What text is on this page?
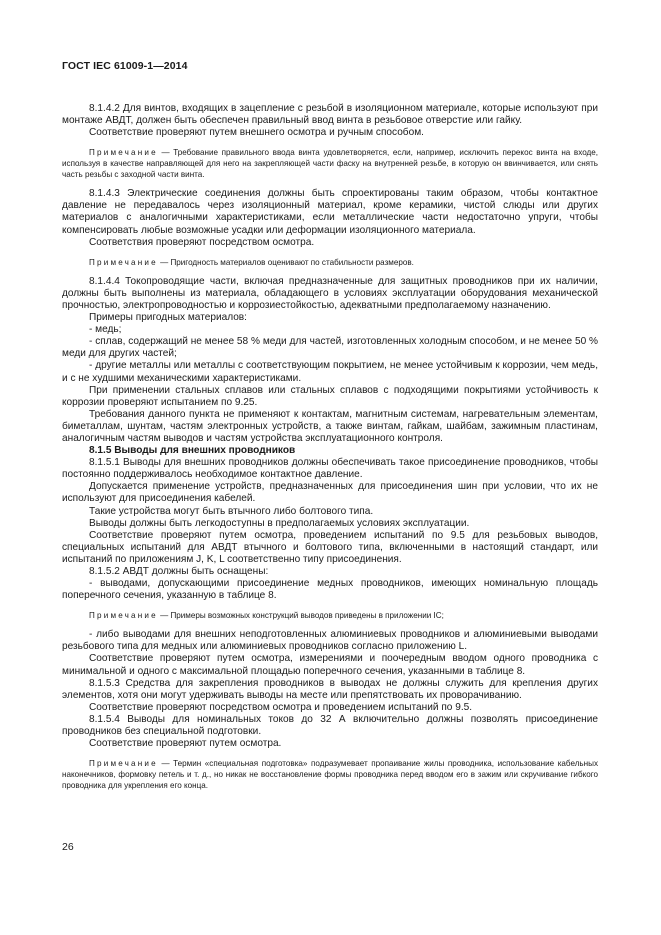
ГОСТ IEC 61009-1—2014

8.1.4.2 Для винтов, входящих в зацепление с резьбой в изоляционном материале, которые используют при монтаже АВДТ, должен быть обеспечен правильный ввод винта в резьбовое отверстие или гайку.

Соответствие проверяют путем внешнего осмотра и ручным способом.

Примечание — Требование правильного ввода винта удовлетворяется, если, например, исключить перекос винта на входе, используя в качестве направляющей для него на закрепляющей части фаску на внутренней резьбе, в которую он ввинчивается, или снять часть резьбы с заходной части винта.

8.1.4.3 Электрические соединения должны быть спроектированы таким образом, чтобы контактное давление не передавалось через изоляционный материал, кроме керамики, чистой слюды или других материалов с аналогичными характеристиками, если металлические части недостаточно упруги, чтобы компенсировать любые возможные усадки или деформации изоляционного материала.

Соответствия проверяют посредством осмотра.

Примечание — Пригодность материалов оценивают по стабильности размеров.

8.1.4.4 Токопроводящие части, включая предназначенные для защитных проводников при их наличии, должны быть выполнены из материала, обладающего в условиях эксплуатации оборудования механической прочностью, электропроводностью и коррозиестойкостью, адекватными предполагаемому назначению.

Примеры пригодных материалов:

- медь;

- сплав, содержащий не менее 58 % меди для частей, изготовленных холодным способом, и не менее 50 % меди для других частей;

- другие металлы или металлы с соответствующим покрытием, не менее устойчивым к коррозии, чем медь, и с не худшими механическими характеристиками.

При применении стальных сплавов или стальных сплавов с подходящими покрытиями устойчивость к коррозии проверяют испытанием по 9.25.

Требования данного пункта не применяют к контактам, магнитным системам, нагревательным элементам, биметаллам, шунтам, частям электронных устройств, а также винтам, гайкам, шайбам, зажимным пластинам, аналогичным частям выводов и частям устройства эксплуатационного контроля.

8.1.5 Выводы для внешних проводников

8.1.5.1 Выводы для внешних проводников должны обеспечивать такое присоединение проводников, чтобы постоянно поддерживалось необходимое контактное давление.

Допускается применение устройств, предназначенных для присоединения шин при условии, что их не используют для присоединения кабелей.

Такие устройства могут быть втычного либо болтового типа.

Выводы должны быть легкодоступны в предполагаемых условиях эксплуатации.

Соответствие проверяют путем осмотра, проведением испытаний по 9.5 для резьбовых выводов, специальных испытаний для АВДТ втычного и болтового типа, включенными в настоящий стандарт, или испытаний по приложениям J, K, L соответственно типу присоединения.

8.1.5.2 АВДТ должны быть оснащены:

- выводами, допускающими присоединение медных проводников, имеющих номинальную площадь поперечного сечения, указанную в таблице 8.

Примечание — Примеры возможных конструкций выводов приведены в приложении IC;

- либо выводами для внешних неподготовленных алюминиевых проводников и алюминиевыми выводами резьбового типа для медных или алюминиевых проводников согласно приложению L.

Соответствие проверяют путем осмотра, измерениями и поочередным вводом одного проводника с минимальной и одного с максимальной площадью поперечного сечения, указанными в таблице 8.

8.1.5.3 Средства для закрепления проводников в выводах не должны служить для крепления других элементов, хотя они могут удерживать выводы на месте или препятствовать их проворачиванию.

Соответствие проверяют посредством осмотра и проведением испытаний по 9.5.

8.1.5.4 Выводы для номинальных токов до 32 А включительно должны позволять присоединение проводников без специальной подготовки.

Соответствие проверяют путем осмотра.

Примечание — Термин «специальная подготовка» подразумевает пропаивание жилы проводника, использование кабельных наконечников, формовку петель и т. д., но никак не восстановление формы проводника перед вводом его в зажим или скручивание гибкого проводника для укрепления его конца.

26
